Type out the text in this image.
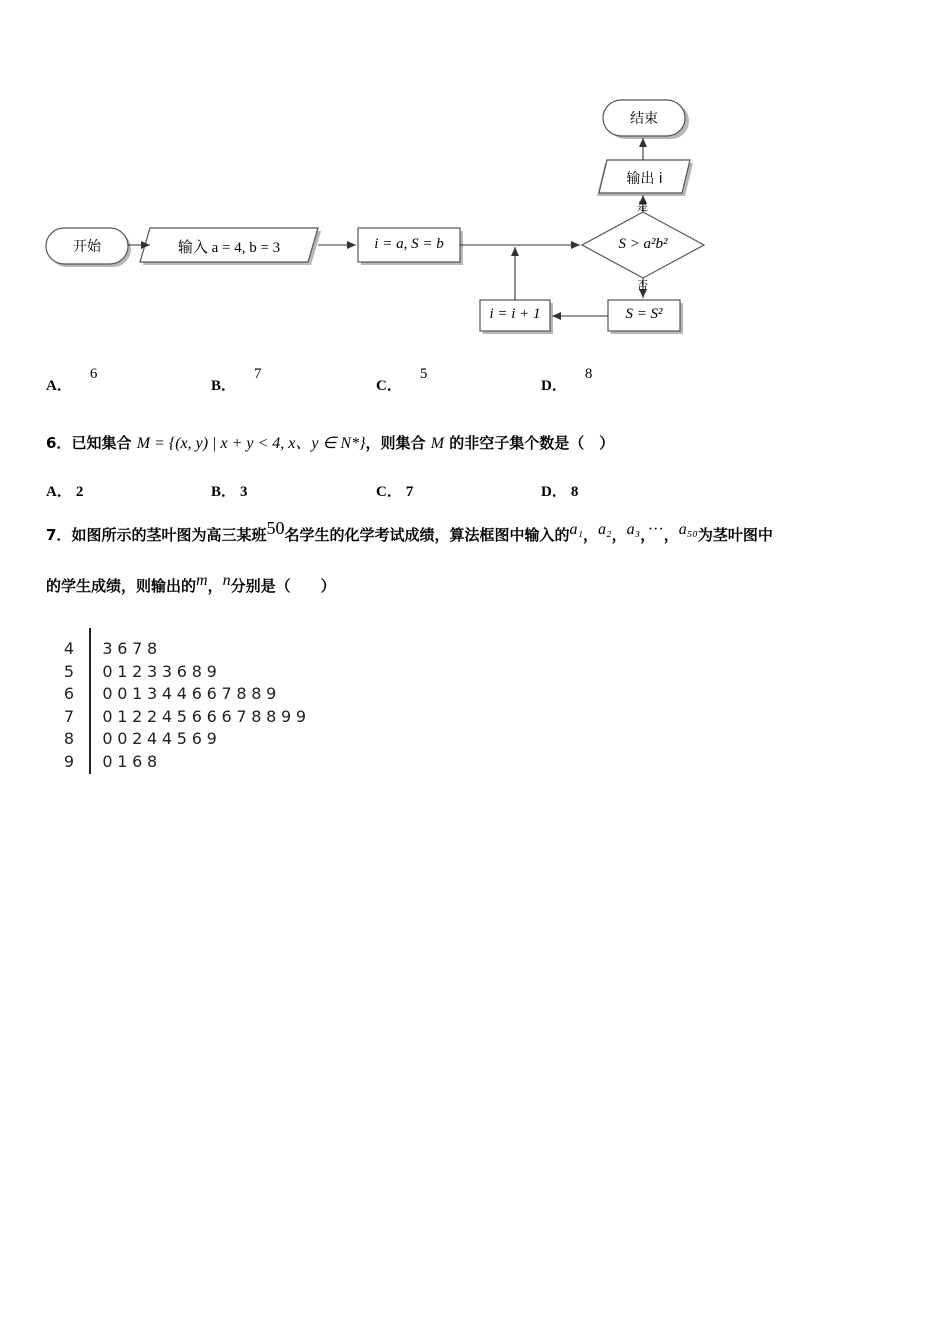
开始	输入 a = 4, b = 3	i = a, S = b	S > a²b²
输出 i
结束
S = S²
i = i + 1
是
否
A．6
B．7
C．5
D．8
6．已知集合 M = {(x, y) | x + y < 4, x、y ∈ N*}，则集合 M 的非空子集个数是（　）
A． 2	B． 3	C． 7	D． 8
7．如图所示的茎叶图为高三某班50名学生的化学考试成绩，算法框图中输入的a₁，a₂，a₃，···，a₅₀为茎叶图中
的学生成绩，则输出的m，n分别是（　　）
4 3 6 7 8
5 0 1 2 3 3 6 8 9
6 0 0 1 3 4 4 6 6 7 8 8 9
7 0 1 2 2 4 5 6 6 6 7 8 8 9 9
8 0 0 2 4 4 5 6 9
9 0 1 6 8
